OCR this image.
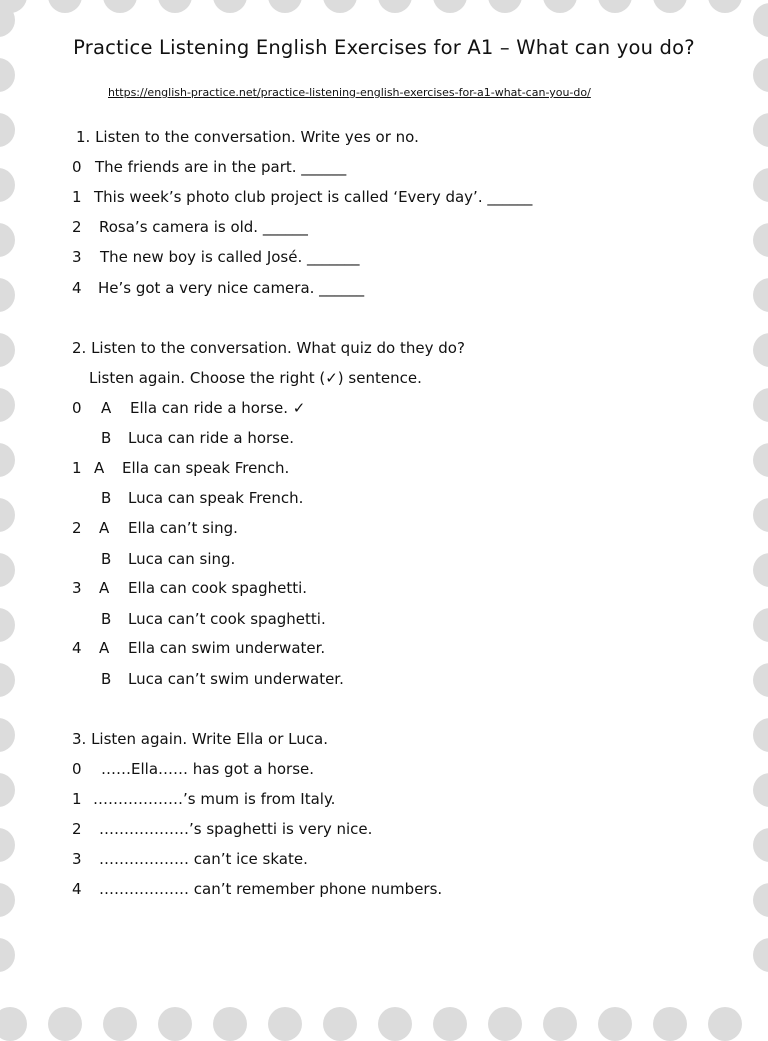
Practice Listening English Exercises for A1 – What can you do?
https://english-practice.net/practice-listening-english-exercises-for-a1-what-can-you-do/
1. Listen to the conversation. Write yes or no.
0 The friends are in the part. ______
1 This week’s photo club project is called ‘Every day’. ______
2 Rosa’s camera is old. ______
3 The new boy is called José. _______
4 He’s got a very nice camera. ______
2. Listen to the conversation. What quiz do they do?
Listen again. Choose the right (✓) sentence.
0 A Ella can ride a horse. ✓
B Luca can ride a horse.
1 A Ella can speak French.
B Luca can speak French.
2 A Ella can’t sing.
B Luca can sing.
3 A Ella can cook spaghetti.
B Luca can’t cook spaghetti.
4 A Ella can swim underwater.
B Luca can’t swim underwater.
3. Listen again. Write Ella or Luca.
0 ……Ella…… has got a horse.
1 ………………’s mum is from Italy.
2 ………………’s spaghetti is very nice.
3 ……………… can’t ice skate.
4 ……………… can’t remember phone numbers.
